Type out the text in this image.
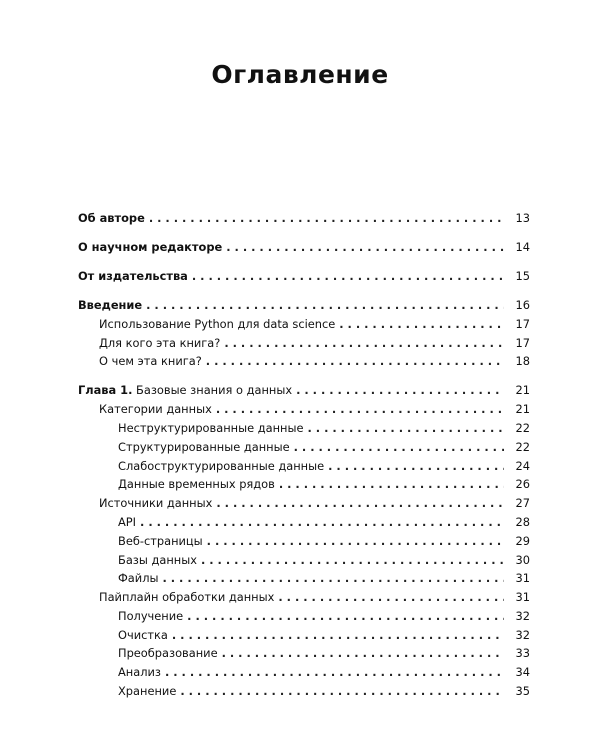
Оглавление
Об авторе . . .	13
О научном редакторе . . .	14
От издательства . . .	15
Введение . . .	16
Использование Python для data science . . .	17
Для кого эта книга? . . .	17
О чем эта книга? . . .	18
Глава 1. Базовые знания о данных . . .	21
Категории данных . . .	21
Неструктурированные данные . . .	22
Структурированные данные . . .	22
Слабоструктурированные данные . . .	24
Данные временных рядов . . .	26
Источники данных . . .	27
API . . .	28
Веб-страницы . . .	29
Базы данных . . .	30
Файлы . . .	31
Пайплайн обработки данных . . .	31
Получение . . .	32
Очистка . . .	32
Преобразование . . .	33
Анализ . . .	34
Хранение . . .	35
